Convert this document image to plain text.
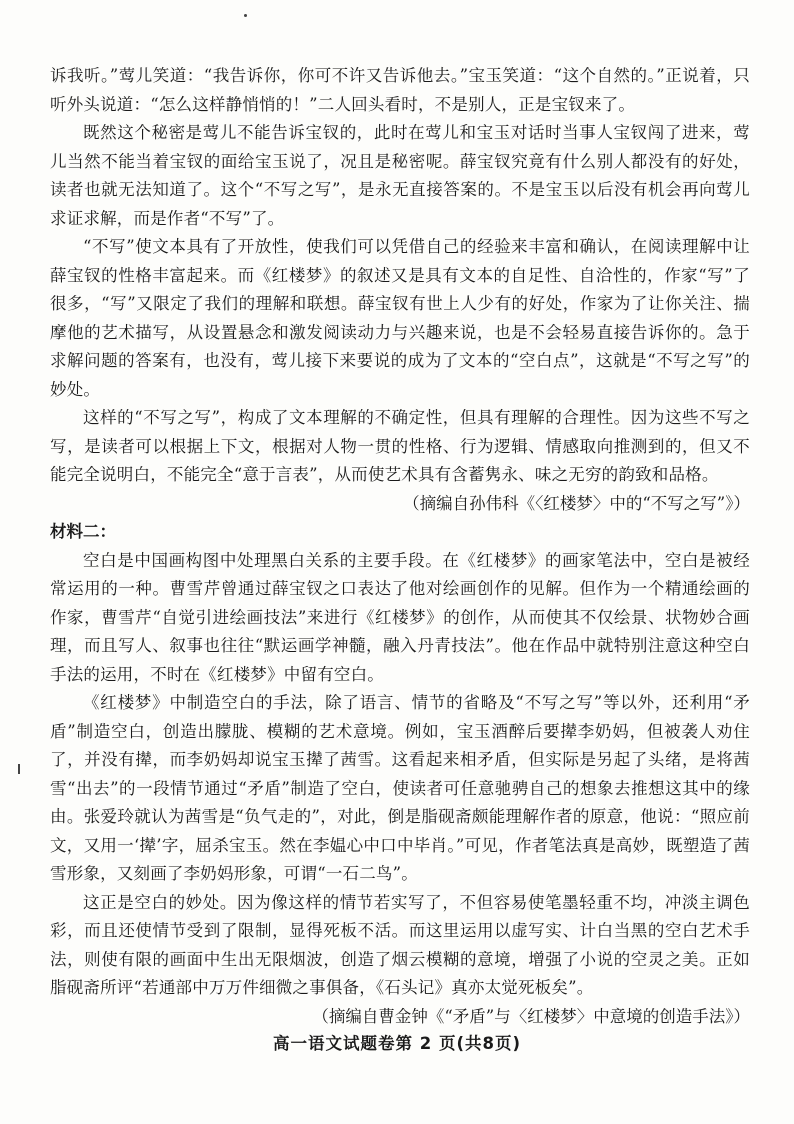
诉我听。”莺儿笑道：“我告诉你，你可不许又告诉他去。”宝玉笑道：“这个自然的。”正说着，只听外头说道：“怎么这样静悄悄的！”二人回头看时，不是别人，正是宝钗来了。

既然这个秘密是莺儿不能告诉宝钗的，此时在莺儿和宝玉对话时当事人宝钗闯了进来，莺儿当然不能当着宝钗的面给宝玉说了，况且是秘密呢。薛宝钗究竟有什么别人都没有的好处，读者也就无法知道了。这个“不写之写”，是永无直接答案的。不是宝玉以后没有机会再向莺儿求证求解，而是作者“不写”了。

“不写”使文本具有了开放性，使我们可以凭借自己的经验来丰富和确认，在阅读理解中让薛宝钗的性格丰富起来。而《红楼梦》的叙述又是具有文本的自足性、自洽性的，作家“写”了很多，“写”又限定了我们的理解和联想。薛宝钗有世上人少有的好处，作家为了让你关注、揣摩他的艺术描写，从设置悬念和激发阅读动力与兴趣来说，也是不会轻易直接告诉你的。急于求解问题的答案有，也没有，莺儿接下来要说的成为了文本的“空白点”，这就是“不写之写”的妙处。

这样的“不写之写”，构成了文本理解的不确定性，但具有理解的合理性。因为这些不写之写，是读者可以根据上下文，根据对人物一贯的性格、行为逻辑、情感取向推测到的，但又不能完全说明白，不能完全“意于言表”，从而使艺术具有含蓄隽永、味之无穷的韵致和品格。

（摘编自孙伟科《〈红楼梦〉中的“不写之写”》）

材料二：

空白是中国画构图中处理黑白关系的主要手段。在《红楼梦》的画家笔法中，空白是被经常运用的一种。曹雪芹曾通过薛宝钗之口表达了他对绘画创作的见解。但作为一个精通绘画的作家，曹雪芹“自觉引进绘画技法”来进行《红楼梦》的创作，从而使其不仅绘景、状物妙合画理，而且写人、叙事也往往“默运画学神髓，融入丹青技法”。他在作品中就特别注意这种空白手法的运用，不时在《红楼梦》中留有空白。

《红楼梦》中制造空白的手法，除了语言、情节的省略及“不写之写”等以外，还利用“矛盾”制造空白，创造出朦胧、模糊的艺术意境。例如，宝玉酒醉后要撵李奶妈，但被袭人劝住了，并没有撵，而李奶妈却说宝玉撵了茜雪。这看起来相矛盾，但实际是另起了头绪，是将茜雪“出去”的一段情节通过“矛盾”制造了空白，使读者可任意驰骋自己的想象去推想这其中的缘由。张爱玲就认为茜雪是“负气走的”，对此，倒是脂砚斋颇能理解作者的原意，他说：“照应前文，又用一‘撵’字，屈杀宝玉。然在李媪心中口中毕肖。”可见，作者笔法真是高妙，既塑造了茜雪形象，又刻画了李奶妈形象，可谓“一石二鸟”。

这正是空白的妙处。因为像这样的情节若实写了，不但容易使笔墨轻重不均，冲淡主调色彩，而且还使情节受到了限制，显得死板不活。而这里运用以虚写实、计白当黑的空白艺术手法，则使有限的画面中生出无限烟波，创造了烟云模糊的意境，增强了小说的空灵之美。正如脂砚斋所评“若通部中万万件细微之事俱备，《石头记》真亦太觉死板矣”。

（摘编自曹金钟《“矛盾”与〈红楼梦〉中意境的创造手法》）

高一语文试题卷第 2 页(共8页)
